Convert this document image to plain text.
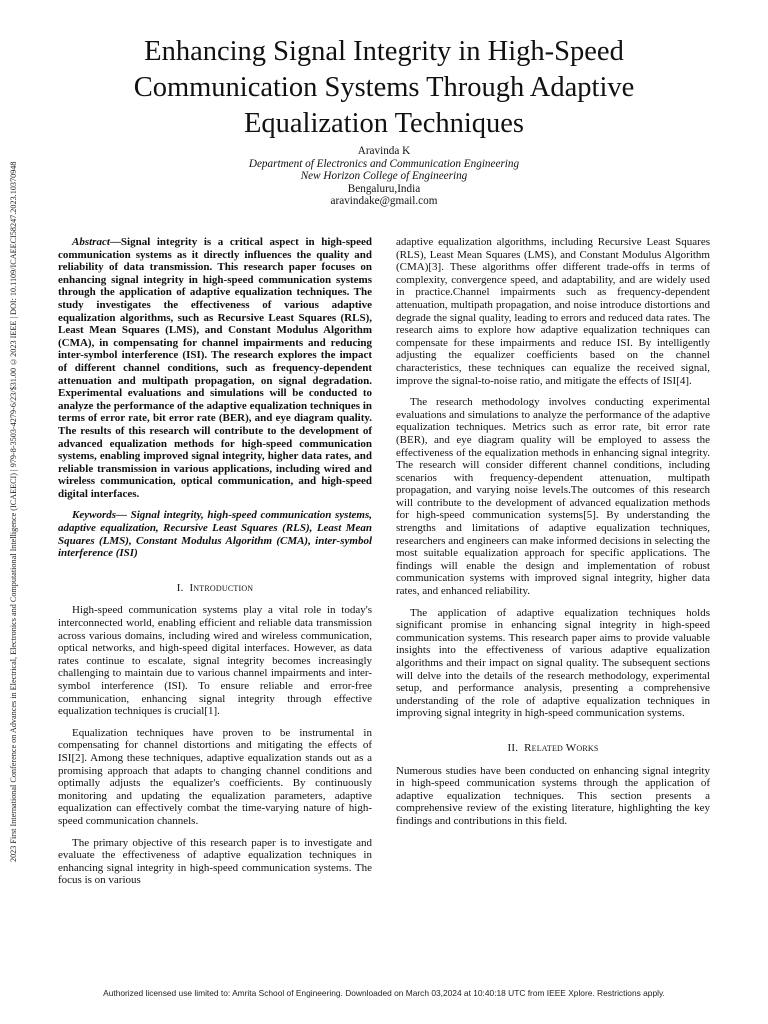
2023 First International Conference on Advances in Electrical, Electronics and Computational Intelligence (ICAEECI) | 979-8-3503-4279-6/23/$31.00 ©2023 IEEE | DOI: 10.1109/ICAEECI58247.2023.10370948
Enhancing Signal Integrity in High-Speed Communication Systems Through Adaptive Equalization Techniques
Aravinda K
Department of Electronics and Communication Engineering
New Horizon College of Engineering
Bengaluru,India
aravindake@gmail.com

Abstract—Signal integrity is a critical aspect in high-speed communication systems as it directly influences the quality and reliability of data transmission. This research paper focuses on enhancing signal integrity in high-speed communication systems through the application of adaptive equalization techniques. The study investigates the effectiveness of various adaptive equalization algorithms, such as Recursive Least Squares (RLS), Least Mean Squares (LMS), and Constant Modulus Algorithm (CMA), in compensating for channel impairments and reducing inter-symbol interference (ISI). The research explores the impact of different channel conditions, such as frequency-dependent attenuation and multipath propagation, on signal degradation. Experimental evaluations and simulations will be conducted to analyze the performance of the adaptive equalization techniques in terms of error rate, bit error rate (BER), and eye diagram quality. The results of this research will contribute to the development of advanced equalization methods for high-speed communication systems, enabling improved signal integrity, higher data rates, and reliable transmission in various applications, including wired and wireless communication, optical communication, and high-speed digital interfaces.

Keywords— Signal integrity, high-speed communication systems, adaptive equalization, Recursive Least Squares (RLS), Least Mean Squares (LMS), Constant Modulus Algorithm (CMA), inter-symbol interference (ISI)

I. Introduction

High-speed communication systems play a vital role in today's interconnected world, enabling efficient and reliable data transmission across various domains, including wired and wireless communication, optical networks, and high-speed digital interfaces. However, as data rates continue to escalate, signal integrity becomes increasingly challenging to maintain due to various channel impairments and inter-symbol interference (ISI). To ensure reliable and error-free communication, enhancing signal integrity through effective equalization techniques is crucial[1].

Equalization techniques have proven to be instrumental in compensating for channel distortions and mitigating the effects of ISI[2]. Among these techniques, adaptive equalization stands out as a promising approach that adapts to changing channel conditions and optimally adjusts the equalizer's coefficients. By continuously monitoring and updating the equalization parameters, adaptive equalization can effectively combat the time-varying nature of high-speed communication channels.

The primary objective of this research paper is to investigate and evaluate the effectiveness of adaptive equalization techniques in enhancing signal integrity in high-speed communication systems. The focus is on various

adaptive equalization algorithms, including Recursive Least Squares (RLS), Least Mean Squares (LMS), and Constant Modulus Algorithm (CMA)[3]. These algorithms offer different trade-offs in terms of complexity, convergence speed, and adaptability, and are widely used in practice.Channel impairments such as frequency-dependent attenuation, multipath propagation, and noise introduce distortions and degrade the signal quality, leading to errors and reduced data rates. The research aims to explore how adaptive equalization techniques can compensate for these impairments and reduce ISI. By intelligently adjusting the equalizer coefficients based on the channel characteristics, these techniques can equalize the received signal, improve the signal-to-noise ratio, and mitigate the effects of ISI[4].

The research methodology involves conducting experimental evaluations and simulations to analyze the performance of the adaptive equalization techniques. Metrics such as error rate, bit error rate (BER), and eye diagram quality will be employed to assess the effectiveness of the equalization methods in enhancing signal integrity. The research will consider different channel conditions, including scenarios with frequency-dependent attenuation, multipath propagation, and varying noise levels.The outcomes of this research will contribute to the development of advanced equalization methods for high-speed communication systems[5]. By understanding the strengths and limitations of adaptive equalization techniques, researchers and engineers can make informed decisions in selecting the most suitable equalization approach for specific applications. The findings will enable the design and implementation of robust communication systems with improved signal integrity, higher data rates, and enhanced reliability.

The application of adaptive equalization techniques holds significant promise in enhancing signal integrity in high-speed communication systems. This research paper aims to provide valuable insights into the effectiveness of various adaptive equalization algorithms and their impact on signal quality. The subsequent sections will delve into the details of the research methodology, experimental setup, and performance analysis, presenting a comprehensive understanding of the role of adaptive equalization techniques in improving signal integrity in high-speed communication systems.

II. Related Works

Numerous studies have been conducted on enhancing signal integrity in high-speed communication systems through the application of adaptive equalization techniques. This section presents a comprehensive review of the existing literature, highlighting the key findings and contributions in this field.

Authorized licensed use limited to: Amrita School of Engineering. Downloaded on March 03,2024 at 10:40:18 UTC from IEEE Xplore. Restrictions apply.
